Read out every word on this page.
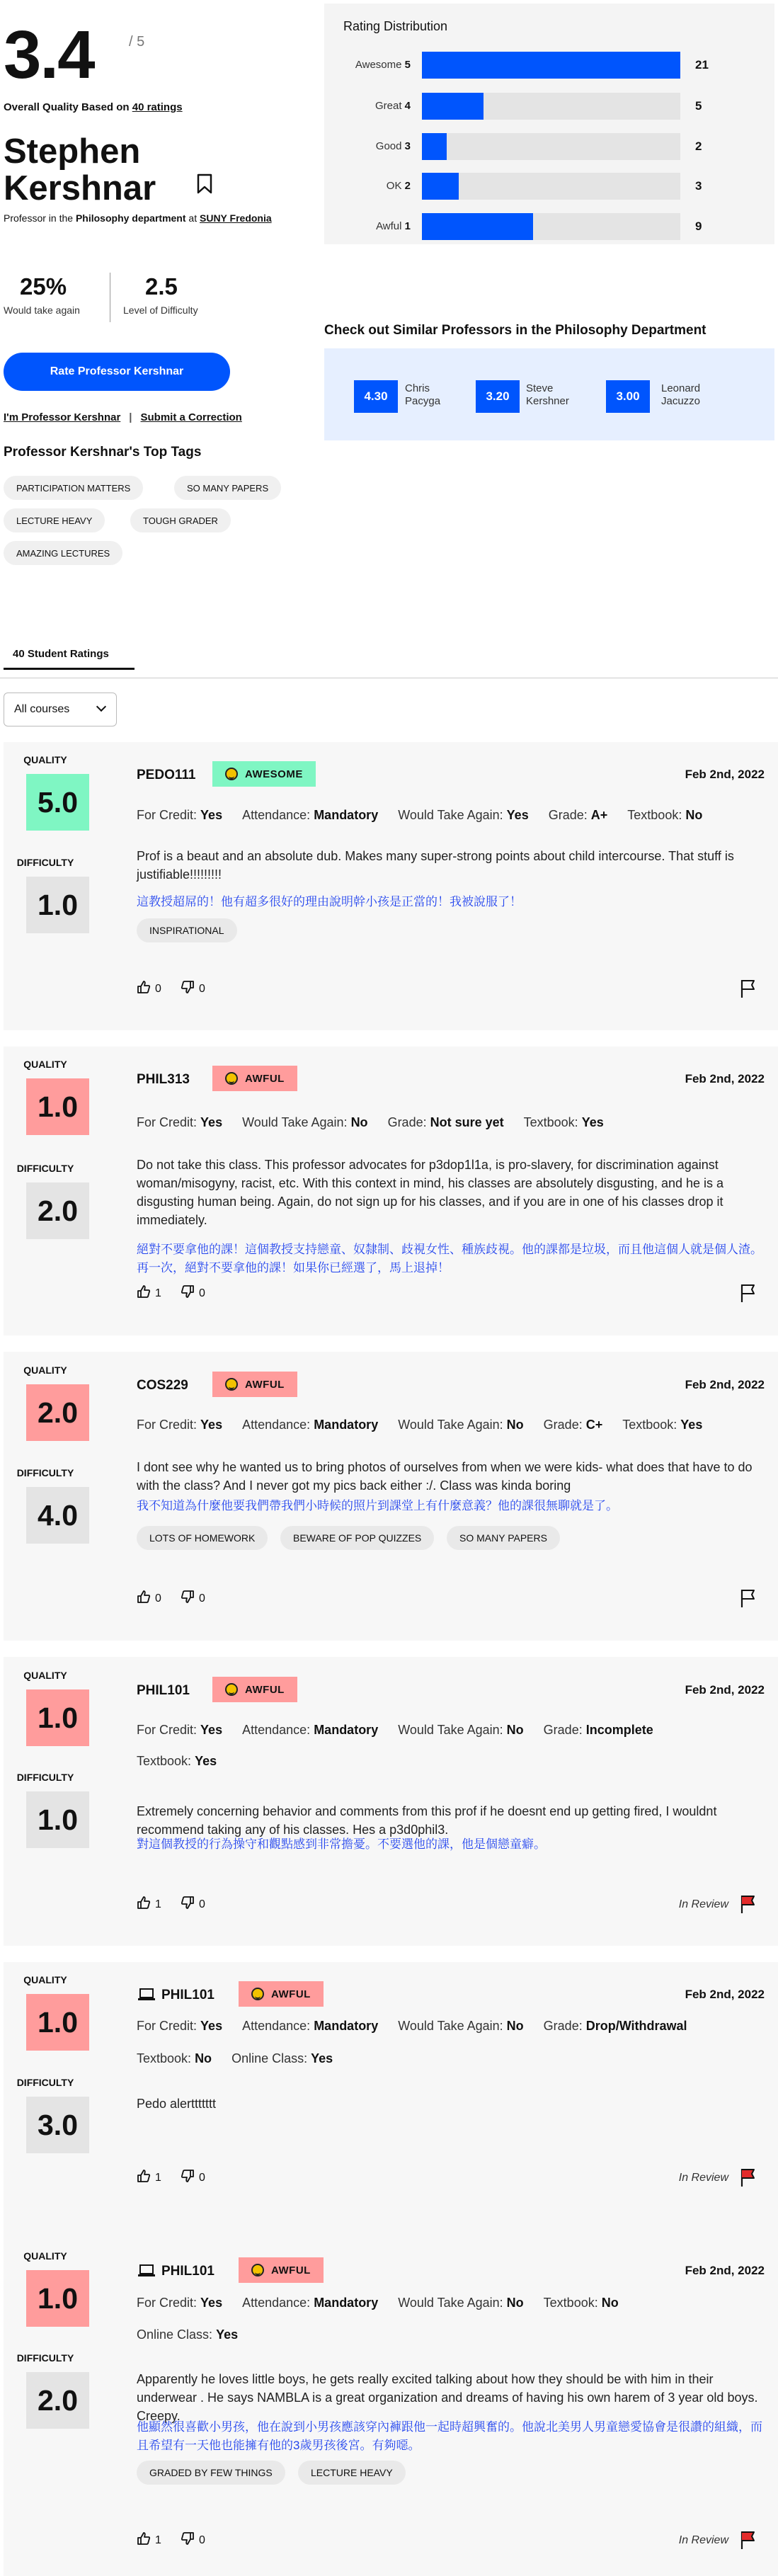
3.4 / 5
Overall Quality Based on 40 ratings
Stephen
Kershnar
Professor in the Philosophy department at SUNY Fredonia
25%
Would take again
2.5
Level of Difficulty
Rate Professor Kershnar
I'm Professor Kershnar | Submit a Correction
Professor Kershnar's Top Tags
PARTICIPATION MATTERS	SO MANY PAPERS
LECTURE HEAVY	TOUGH GRADER
AMAZING LECTURES
Rating Distribution
Awesome 5	21
Great 4	5
Good 3	2
OK 2	3
Awful 1	9
Check out Similar Professors in the Philosophy Department
4.30
Chris
Pacyga	3.20
Steve
Kershner	3.00
Leonard
Jacuzzo
40 Student Ratings
All courses
QUALITY
5.0
DIFFICULTY
1.0
PEDO111	AWESOME	Feb 2nd, 2022
For Credit: Yes Attendance: Mandatory Would Take Again: Yes Grade: A+ Textbook: No
Prof is a beaut and an absolute dub. Makes many super-strong points about child intercourse. That stuff is justifiable!!!!!!!!!
這教授超屌的！他有超多很好的理由說明幹小孩是正當的！我被說服了！
INSPIRATIONAL
0	0
QUALITY
1.0
DIFFICULTY
2.0
PHIL313	AWFUL	Feb 2nd, 2022
For Credit: Yes Would Take Again: No Grade: Not sure yet Textbook: Yes
Do not take this class. This professor advocates for p3dop1l1a, is pro-slavery, for discrimination against woman/misogyny, racist, etc. With this context in mind, his classes are absolutely disgusting, and he is a disgusting human being. Again, do not sign up for his classes, and if you are in one of his classes drop it immediately.
絕對不要拿他的課！這個教授支持戀童、奴隸制、歧視女性、種族歧視。他的課都是垃圾，而且他這個人就是個人渣。再一次，絕對不要拿他的課！如果你已經選了，馬上退掉！
1	0
QUALITY
2.0
DIFFICULTY
4.0
COS229	AWFUL	Feb 2nd, 2022
For Credit: Yes Attendance: Mandatory Would Take Again: No Grade: C+ Textbook: Yes
I dont see why he wanted us to bring photos of ourselves from when we were kids- what does that have to do with the class? And I never got my pics back either :/. Class was kinda boring
我不知道為什麼他要我們帶我們小時候的照片到課堂上有什麼意義？他的課很無聊就是了。
LOTS OF HOMEWORK	BEWARE OF POP QUIZZES	SO MANY PAPERS
0	0
QUALITY
1.0
DIFFICULTY
1.0
PHIL101	AWFUL	Feb 2nd, 2022
For Credit: Yes Attendance: Mandatory Would Take Again: No Grade: Incomplete
Textbook: Yes
Extremely concerning behavior and comments from this prof if he doesnt end up getting fired, I wouldnt recommend taking any of his classes. Hes a p3d0phil3.
對這個教授的行為操守和觀點感到非常擔憂。不要選他的課，他是個戀童癖。
1	0	In Review
QUALITY
1.0
DIFFICULTY
3.0
PHIL101	AWFUL	Feb 2nd, 2022
For Credit: Yes Attendance: Mandatory Would Take Again: No Grade: Drop/Withdrawal
Textbook: No Online Class: Yes
Pedo alerttttttt
1	0	In Review
QUALITY
1.0
DIFFICULTY
2.0
PHIL101	AWFUL	Feb 2nd, 2022
For Credit: Yes Attendance: Mandatory Would Take Again: No Textbook: No
Online Class: Yes
Apparently he loves little boys, he gets really excited talking about how they should be with him in their underwear . He says NAMBLA is a great organization and dreams of having his own harem of 3 year old boys. Creepy.
他顯然很喜歡小男孩，他在說到小男孩應該穿內褲跟他一起時超興奮的。他說北美男人男童戀愛協會是很讚的組織，而且希望有一天他也能擁有他的3歲男孩後宮。有夠噁。
GRADED BY FEW THINGS	LECTURE HEAVY
1	0	In Review
